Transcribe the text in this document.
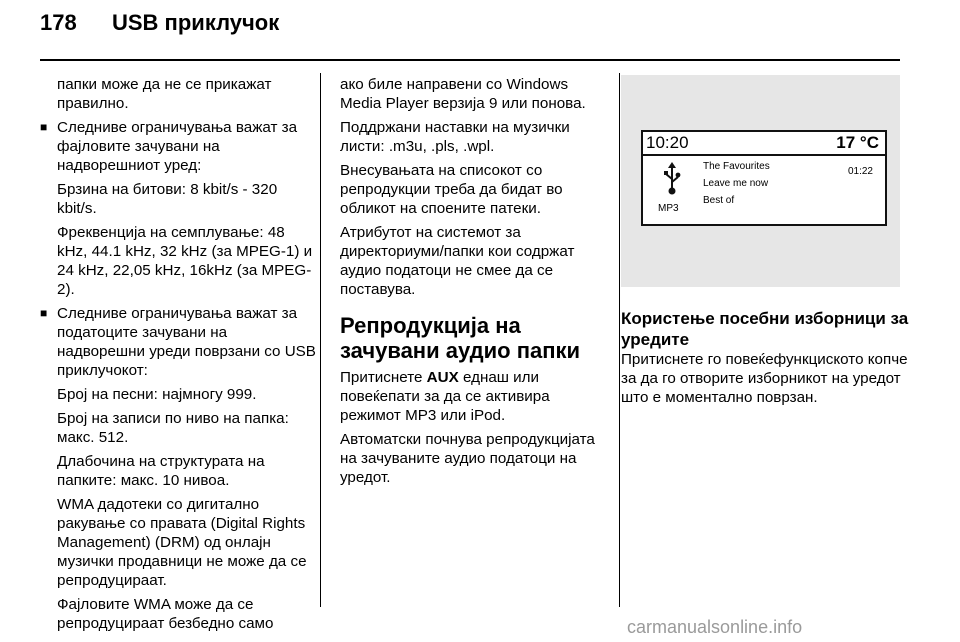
178 USB приклучок

папки може да не се прикажат правилно.

■ Следниве ограничувања важат за фајловите зачувани на надворешниот уред:

Брзина на битови: 8 kbit/s - 320 kbit/s.

Фреквенција на семплување: 48 kHz, 44.1 kHz, 32 kHz (за MPEG-1) и 24 kHz, 22,05 kHz, 16kHz (за MPEG-2).

■ Следниве ограничувања важат за податоците зачувани на надворешни уреди поврзани со USB приклучокот:

Број на песни: најмногу 999.

Број на записи по ниво на папка: макс. 512.

Длабочина на структурата на папките: макс. 10 нивоа.

WMA дадотеки со дигитално ракување со правата (Digital Rights Management) (DRM) од онлајн музички продавници не може да се репродуцираат.

Фајловите WMA може да се репродуцираат безбедно само

ако биле направени со Windows Media Player верзија 9 или понова.

Поддржани наставки на музички листи: .m3u, .pls, .wpl.

Внесувањата на списокот со репродукции треба да бидат во обликот на споените патеки.

Атрибутот на системот за директориуми/папки кои содржат аудио податоци не смее да се поставува.

Репродукција на зачувани аудио папки

Притиснете AUX еднаш или повеќепати за да се активира режимот MP3 или iPod.

Автоматски почнува репродукцијата на зачуваните аудио податоци на уредот.

10:20	17 °C
MP3
The Favourites
Leave me now
Best of
01:22
Користење посебни изборници за уредите

Притиснете го повеќефункциското копче за да го отворите изборникот на уредот што е моментално поврзан.

carmanualsonline.info
